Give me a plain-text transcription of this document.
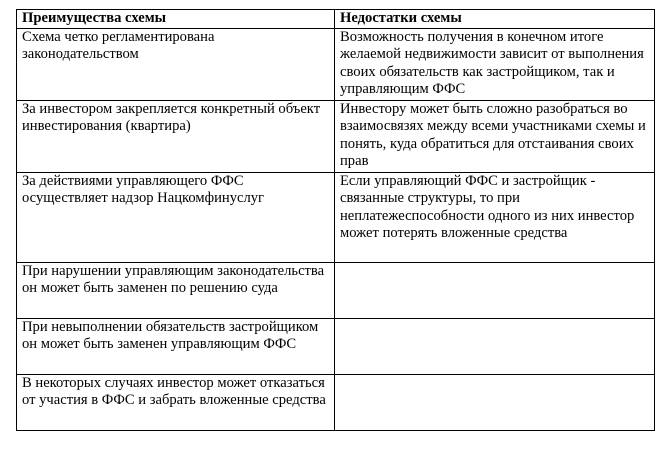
Преимущества схемы	Недостатки схемы
Схема четко регламентирована законодательством	Возможность получения в конечном итоге желаемой недвижимости зависит от выполнения своих обязательств как застройщиком, так и управляющим ФФС
За инвестором закрепляется конкретный объект инвестирования (квартира)	Инвестору может быть сложно разобраться во взаимосвязях между всеми участниками схемы и понять, куда обратиться для отстаивания своих прав
За действиями управляющего ФФС осуществляет надзор Нацкомфинуслуг	Если управляющий ФФС и застройщик - связанные структуры, то при неплатежеспособности одного из них инвестор может потерять вложенные средства
При нарушении управляющим законодательства он может быть заменен по решению суда	
При невыполнении обязательств застройщиком он может быть заменен управляющим ФФС	
В некоторых случаях инвестор может отказаться от участия в ФФС и забрать вложенные средства	
